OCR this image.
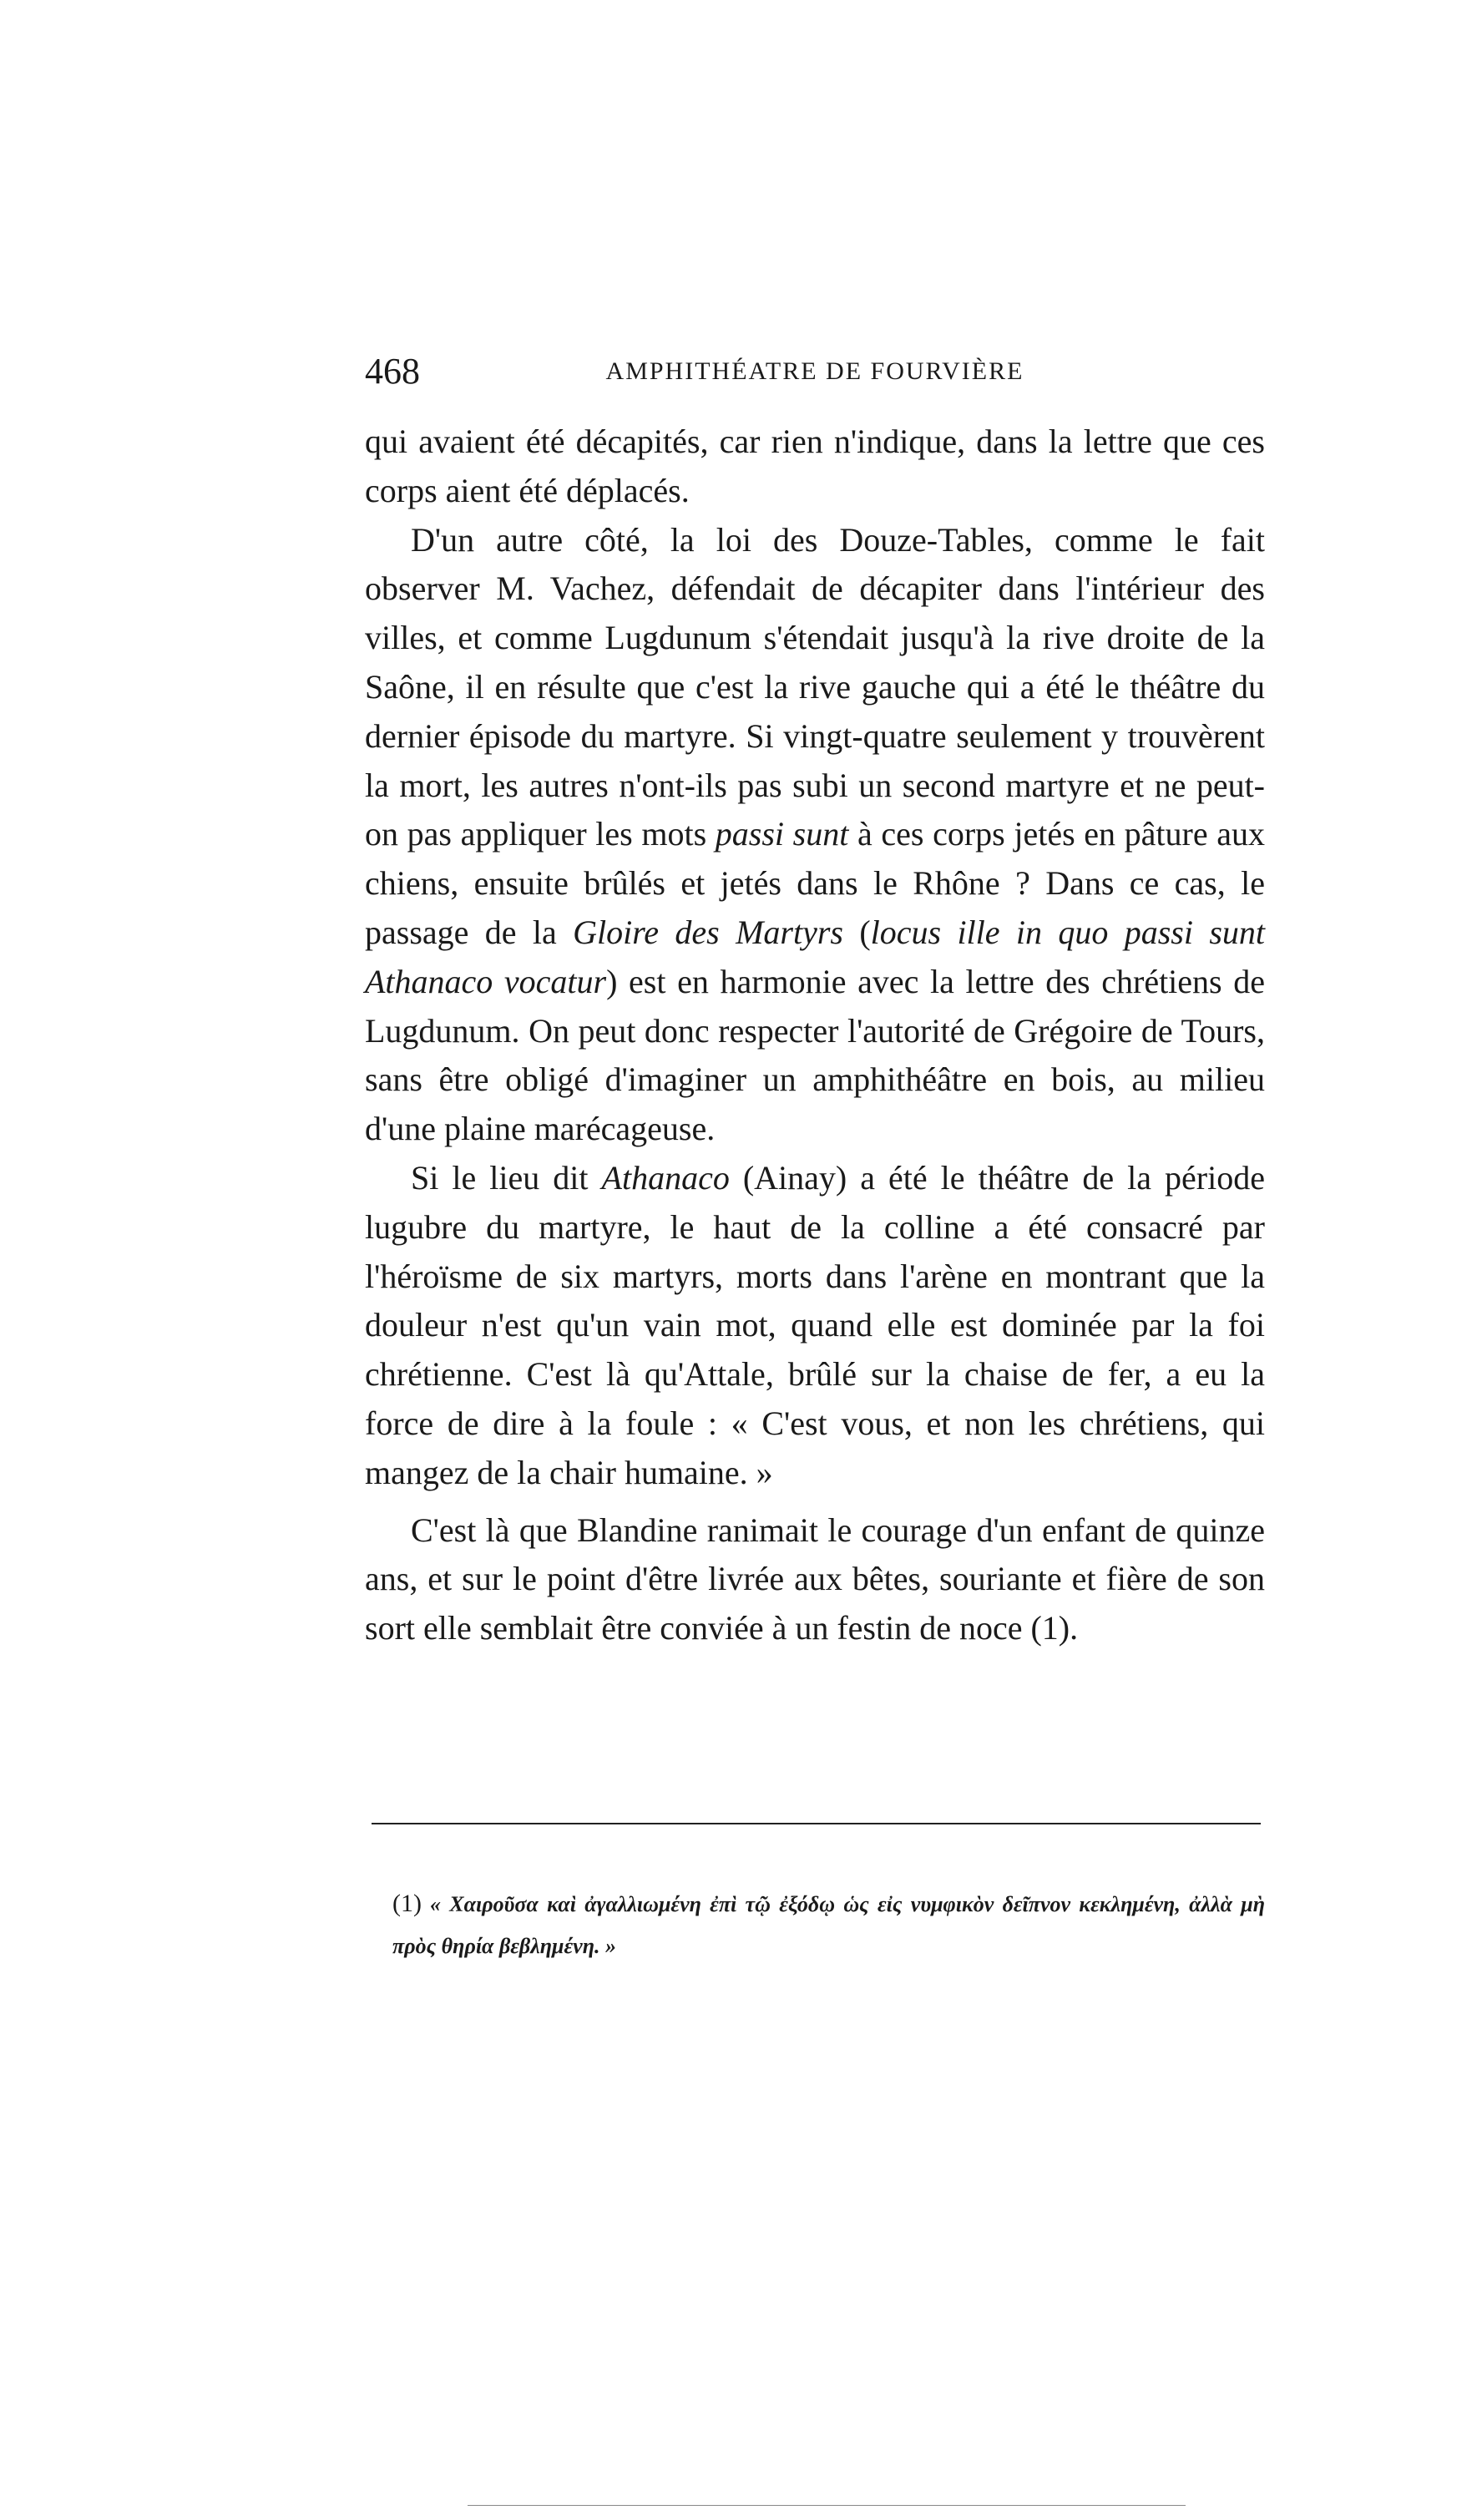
468	AMPHITHÉATRE DE FOURVIÈRE

qui avaient été décapités, car rien n'indique, dans la lettre que ces corps aient été déplacés.

D'un autre côté, la loi des Douze-Tables, comme le fait observer M. Vachez, défendait de décapiter dans l'intérieur des villes, et comme Lugdunum s'étendait jusqu'à la rive droite de la Saône, il en résulte que c'est la rive gauche qui a été le théâtre du dernier épisode du martyre. Si vingt-quatre seulement y trouvèrent la mort, les autres n'ont-ils pas subi un second martyre et ne peut-on pas appliquer les mots passi sunt à ces corps jetés en pâture aux chiens, ensuite brûlés et jetés dans le Rhône ? Dans ce cas, le passage de la Gloire des Martyrs (locus ille in quo passi sunt Athanaco vocatur) est en harmonie avec la lettre des chrétiens de Lugdunum. On peut donc respecter l'autorité de Grégoire de Tours, sans être obligé d'imaginer un amphithéâtre en bois, au milieu d'une plaine marécageuse.

Si le lieu dit Athanaco (Ainay) a été le théâtre de la période lugubre du martyre, le haut de la colline a été consacré par l'héroïsme de six martyrs, morts dans l'arène en montrant que la douleur n'est qu'un vain mot, quand elle est dominée par la foi chrétienne. C'est là qu'Attale, brûlé sur la chaise de fer, a eu la force de dire à la foule : « C'est vous, et non les chrétiens, qui mangez de la chair humaine. »

C'est là que Blandine ranimait le courage d'un enfant de quinze ans, et sur le point d'être livrée aux bêtes, souriante et fière de son sort elle semblait être conviée à un festin de noce (1).

(1) « Χαιροῦσα καὶ ἀγαλλιωμένη ἐπὶ τῷ ἐξόδῳ ὡς εἰς νυμφικὸν δεῖπνον κεκλημένη, ἀλλὰ μὴ πρὸς θηρία βεβλημένη. »
